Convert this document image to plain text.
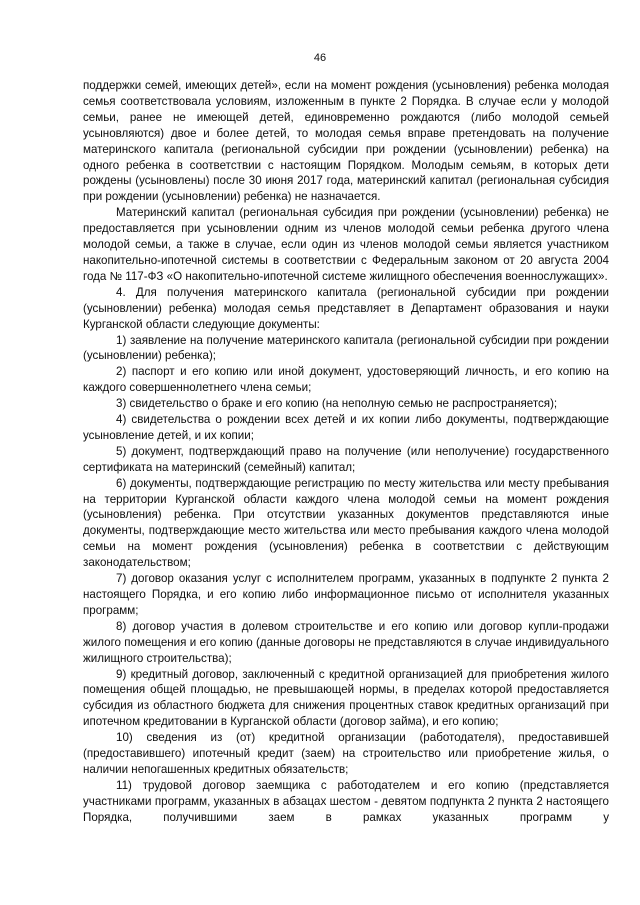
46

поддержки семей, имеющих детей», если на момент рождения (усыновления) ребенка молодая семья соответствовала условиям, изложенным в пункте 2 Порядка. В случае если у молодой семьи, ранее не имеющей детей, единовременно рождаются (либо молодой семьей усыновляются) двое и более детей, то молодая семья вправе претендовать на получение материнского капитала (региональной субсидии при рождении (усыновлении) ребенка) на одного ребенка в соответствии с настоящим Порядком. Молодым семьям, в которых дети рождены (усыновлены) после 30 июня 2017 года, материнский капитал (региональная субсидия при рождении (усыновлении) ребенка) не назначается.

Материнский капитал (региональная субсидия при рождении (усыновлении) ребенка) не предоставляется при усыновлении одним из членов молодой семьи ребенка другого члена молодой семьи, а также в случае, если один из членов молодой семьи является участником накопительно-ипотечной системы в соответствии с Федеральным законом от 20 августа 2004 года № 117-ФЗ «О накопительно-ипотечной системе жилищного обеспечения военнослужащих».

4. Для получения материнского капитала (региональной субсидии при рождении (усыновлении) ребенка) молодая семья представляет в Департамент образования и науки Курганской области следующие документы:

1) заявление на получение материнского капитала (региональной субсидии при рождении (усыновлении) ребенка);

2) паспорт и его копию или иной документ, удостоверяющий личность, и его копию на каждого совершеннолетнего члена семьи;

3) свидетельство о браке и его копию (на неполную семью не распространяется);

4) свидетельства о рождении всех детей и их копии либо документы, подтверждающие усыновление детей, и их копии;

5) документ, подтверждающий право на получение (или неполучение) государственного сертификата на материнский (семейный) капитал;

6) документы, подтверждающие регистрацию по месту жительства или месту пребывания на территории Курганской области каждого члена молодой семьи на момент рождения (усыновления) ребенка. При отсутствии указанных документов представляются иные документы, подтверждающие место жительства или место пребывания каждого члена молодой семьи на момент рождения (усыновления) ребенка в соответствии с действующим законодательством;

7) договор оказания услуг с исполнителем программ, указанных в подпункте 2 пункта 2 настоящего Порядка, и его копию либо информационное письмо от исполнителя указанных программ;

8) договор участия в долевом строительстве и его копию или договор купли-продажи жилого помещения и его копию (данные договоры не представляются в случае индивидуального жилищного строительства);

9) кредитный договор, заключенный с кредитной организацией для приобретения жилого помещения общей площадью, не превышающей нормы, в пределах которой предоставляется субсидия из областного бюджета для снижения процентных ставок кредитных организаций при ипотечном кредитовании в Курганской области (договор займа), и его копию;

10) сведения из (от) кредитной организации (работодателя), предоставившей (предоставившего) ипотечный кредит (заем) на строительство или приобретение жилья, о наличии непогашенных кредитных обязательств;

11) трудовой договор заемщика с работодателем и его копию (представляется участниками программ, указанных в абзацах шестом - девятом подпункта 2 пункта 2 настоящего Порядка, получившими заем в рамках указанных программ у
